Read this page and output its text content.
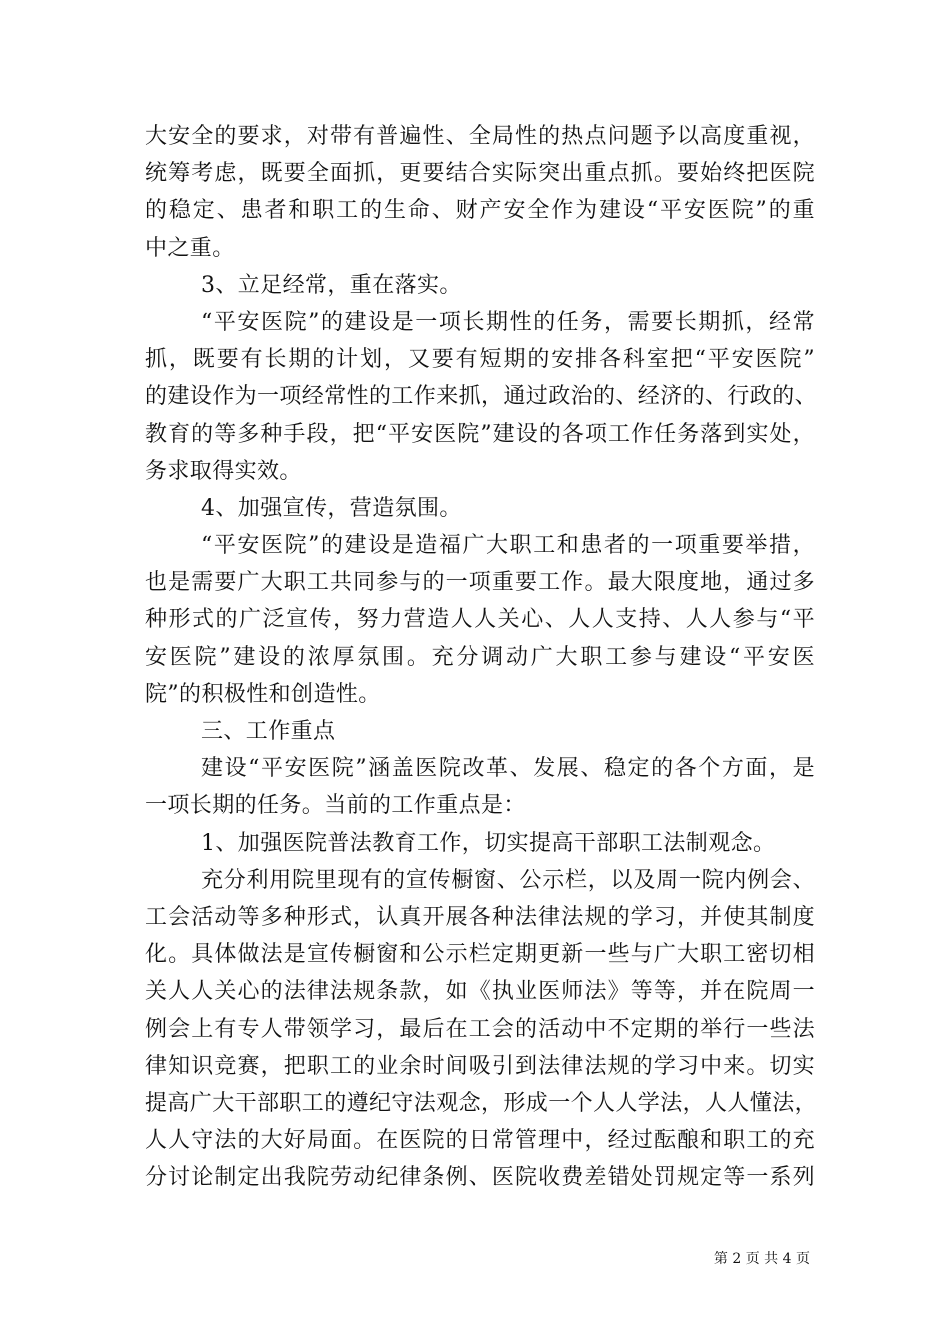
大安全的要求，对带有普遍性、全局性的热点问题予以高度重视，
统筹考虑，既要全面抓，更要结合实际突出重点抓。要始终把医院
的稳定、患者和职工的生命、财产安全作为建设“平安医院”的重
中之重。
3、立足经常，重在落实。
“平安医院”的建设是一项长期性的任务，需要长期抓，经常
抓，既要有长期的计划，又要有短期的安排各科室把“平安医院”
的建设作为一项经常性的工作来抓，通过政治的、经济的、行政的、
教育的等多种手段，把“平安医院”建设的各项工作任务落到实处，
务求取得实效。
4、加强宣传，营造氛围。
“平安医院”的建设是造福广大职工和患者的一项重要举措，
也是需要广大职工共同参与的一项重要工作。最大限度地，通过多
种形式的广泛宣传，努力营造人人关心、人人支持、人人参与“平
安医院”建设的浓厚氛围。充分调动广大职工参与建设“平安医
院”的积极性和创造性。
三、工作重点
建设“平安医院”涵盖医院改革、发展、稳定的各个方面，是
一项长期的任务。当前的工作重点是：
1、加强医院普法教育工作，切实提高干部职工法制观念。
充分利用院里现有的宣传橱窗、公示栏，以及周一院内例会、
工会活动等多种形式，认真开展各种法律法规的学习，并使其制度
化。具体做法是宣传橱窗和公示栏定期更新一些与广大职工密切相
关人人关心的法律法规条款，如《执业医师法》等等，并在院周一
例会上有专人带领学习，最后在工会的活动中不定期的举行一些法
律知识竞赛，把职工的业余时间吸引到法律法规的学习中来。切实
提高广大干部职工的遵纪守法观念，形成一个人人学法，人人懂法，
人人守法的大好局面。在医院的日常管理中，经过酝酿和职工的充
分讨论制定出我院劳动纪律条例、医院收费差错处罚规定等一系列
第 2 页 共 4 页
